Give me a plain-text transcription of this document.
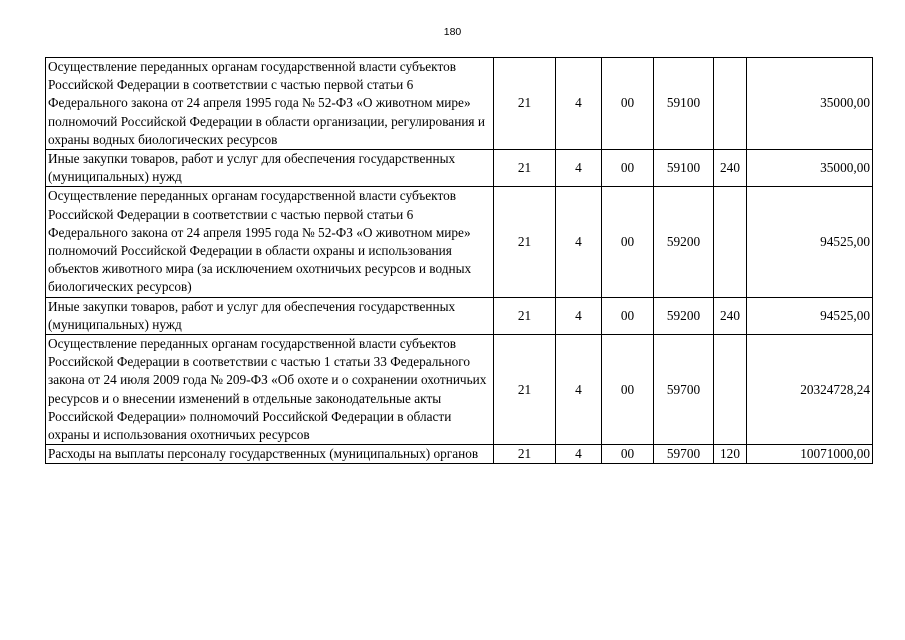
180
Осуществление переданных органам государственной власти субъектов Российской Федерации в соответствии с частью первой статьи 6 Федерального закона от 24 апреля 1995 года № 52-ФЗ «О животном мире» полномочий Российской Федерации в области организации, регулирования и охраны водных биологических ресурсов	21	4	00	59100		35000,00
Иные закупки товаров, работ и услуг для обеспечения государственных (муниципальных) нужд	21	4	00	59100	240	35000,00
Осуществление переданных органам государственной власти субъектов Российской Федерации в соответствии с частью первой статьи 6 Федерального закона от 24 апреля 1995 года № 52-ФЗ «О животном мире» полномочий Российской Федерации в области охраны и использования объектов животного мира (за исключением охотничьих ресурсов и водных биологических ресурсов)	21	4	00	59200		94525,00
Иные закупки товаров, работ и услуг для обеспечения государственных (муниципальных) нужд	21	4	00	59200	240	94525,00
Осуществление переданных органам государственной власти субъектов Российской Федерации в соответствии с частью 1 статьи 33 Федерального закона от 24 июля 2009 года № 209-ФЗ «Об охоте и о сохранении охотничьих ресурсов и о внесении изменений в отдельные законодательные акты Российской Федерации» полномочий Российской Федерации в области охраны и использования охотничьих ресурсов	21	4	00	59700		20324728,24
Расходы на выплаты персоналу государственных (муниципальных) органов	21	4	00	59700	120	10071000,00
